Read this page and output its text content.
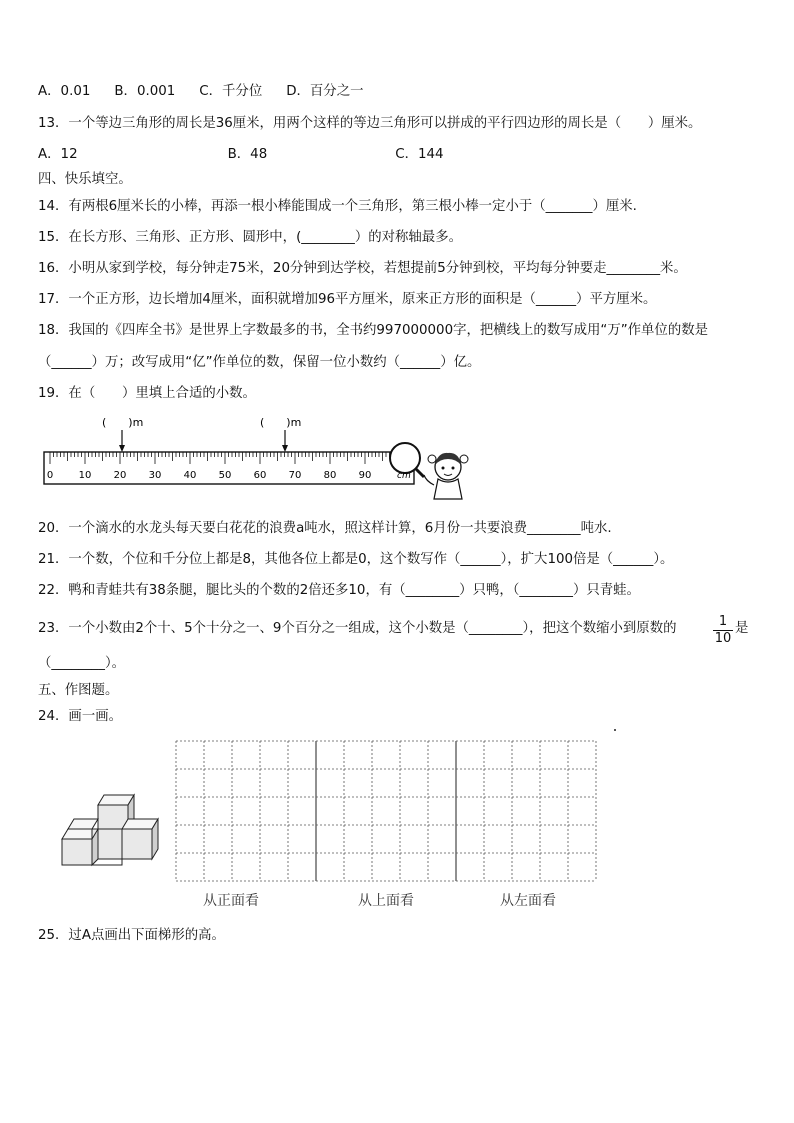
A．0.01 B．0.001 C．千分位 D．百分之一
13．一个等边三角形的周长是36厘米，用两个这样的等边三角形可以拼成的平行四边形的周长是（　　）厘米。
A．12	B．48	C．144
四、快乐填空。
14．有两根6厘米长的小棒，再添一根小棒能围成一个三角形，第三根小棒一定小于（_______）厘米.
15．在长方形、三角形、正方形、圆形中，(________）的对称轴最多。
16．小明从家到学校，每分钟走75米，20分钟到达学校，若想提前5分钟到校，平均每分钟要走________米。
17．一个正方形，边长增加4厘米，面积就增加96平方厘米，原来正方形的面积是（______）平方厘米。
18．我国的《四库全书》是世界上字数最多的书，全书约997000000字，把横线上的数写成用“万”作单位的数是
（______）万；改写成用“亿”作单位的数，保留一位小数约（______）亿。
19．在（　　）里填上合适的小数。
(　　)m	(　　)m
0	10 20 30 40 50 60 70 80 90	cm
20．一个滴水的水龙头每天要白花花的浪费a吨水，照这样计算，6月份一共要浪费________吨水.
21．一个数，个位和千分位上都是8，其他各位上都是0，这个数写作（______），扩大100倍是（______）。
22．鸭和青蛙共有38条腿，腿比头的个数的2倍还多10，有（________）只鸭，（________）只青蛙。
23．一个小数由2个十、5个十分之一、9个百分之一组成，这个小数是（________），把这个数缩小到原数的	1
10
是
（________）。
五、作图题。
24．画一画。
从正面看	从上面看	从左面看
25．过A点画出下面梯形的高。
